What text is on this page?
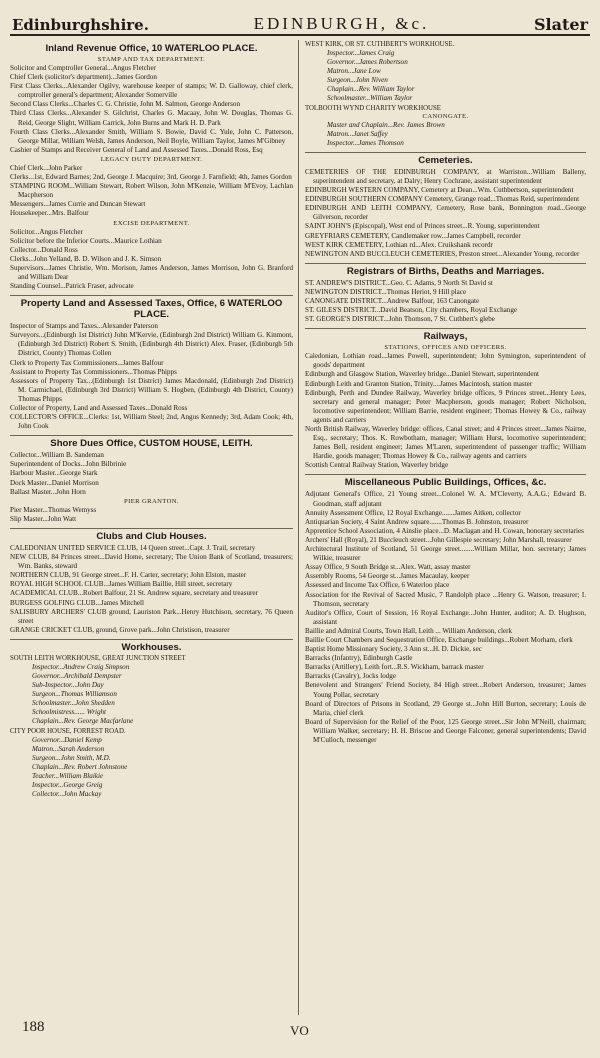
Edinburghshire.	EDINBURGH, &c.	Slater
Inland Revenue Office, 10 WATERLOO PLACE.
STAMP AND TAX DEPARTMENT.
Solicitor and Comptroller General...Angus Fletcher
Chief Clerk (solicitor's department)...James Gordon
First Class Clerks...Alexander Ogilvy, warehouse keeper of stamps; W. D. Galloway, chief clerk, comptroller general's department; Alexander Somerville
Second Class Clerks...Charles C. G. Christie, John M. Salmon, George Anderson
Third Class Clerks...Alexander S. Gilchrist, Charles G. Macaay, John W. Douglas, Thomas G. Reid, George Slight, William Carrick, John Burns and Mark H. D. Park
Fourth Class Clerks...Alexander Smith, William S. Bowie, David C. Yule, John C. Patterson, George Millar, William Welsh, James Anderson, Neil Boyle, William Taylor, James M'Gibney
Cashier of Stamps and Receiver General of Land and Assessed Taxes...Donald Ross, Esq
LEGACY DUTY DEPARTMENT.
Chief Clerk...John Parker
Clerks...1st, Edward Barnes; 2nd, George J. Macquire; 3rd, George J. Farnfield; 4th, James Gordon
STAMPING ROOM...William Stewart, Robert Wilson, John M'Kenzie, William M'Evoy, Lachlan Macpherson
Messengers...James Currie and Duncan Stewart
Housekeeper...Mrs. Balfour
EXCISE DEPARTMENT.
Solicitor...Angus Fletcher
Solicitor before the Inferior Courts...Maurice Lothian
Collector...Donald Ross
Clerks...John Yelland, B. D. Wilson and J. K. Simson
Supervisors...James Christie, Wm. Morison, James Anderson, James Morrison, John G. Branford and William Dear
Standing Counsel...Patrick Fraser, advocate
Property Land and Assessed Taxes, Office, 6 WATERLOO PLACE.
Inspector of Stamps and Taxes...Alexander Paterson
Surveyors...(Edinburgh 1st District) John M'Kervie, (Edinburgh 2nd District) William G. Kinmont, (Edinburgh 3rd District) Robert S. Smith, (Edinburgh 4th District) Alex. Fraser, (Edinburgh 5th District, County) Thomas Collen
Clerk to Property Tax Commissioners...James Balfour
Assistant to Property Tax Commissioners...Thomas Phipps
Assessors of Property Tax...(Edinburgh 1st District) James Macdonald, (Edinburgh 2nd District) M. Carmichael, (Edinburgh 3rd District) William S. Hogben, (Edinburgh 4th District, County) Thomas Phipps
Collector of Property, Land and Assessed Taxes...Donald Ross
COLLECTOR'S OFFICE...Clerks: 1st, William Steel; 2nd, Angus Kennedy; 3rd, Adam Cook; 4th, John Cook
Shore Dues Office, CUSTOM HOUSE, LEITH.
Collector...William B. Sandeman
Superintendent of Docks...John Bilbrinie
Harbour Master...George Stark
Dock Master...Daniel Morrison
Ballast Master...John Horn
PIER GRANTON.
Pier Master...Thomas Wemyss
Slip Master...John Watt
Clubs and Club Houses.
CALEDONIAN UNITED SERVICE CLUB, 14 Queen street...Capt. J. Trail, secretary
NEW CLUB, 84 Princes street...David Home, secretary; The Union Bank of Scotland, treasurers; Wm. Banks, steward
NORTHERN CLUB, 91 George street...F. H. Carter, secretary; John Elston, master
ROYAL HIGH SCHOOL CLUB...James William Baillie, Hill street, secretary
ACADEMICAL CLUB...Robert Balfour, 21 St. Andrew square, secretary and treasurer
BURGESS GOLFING CLUB...James Mitchell
SALISBURY ARCHERS' CLUB ground, Lauriston Park...Henry Hutchison, secretary, 76 Queen street
GRANGE CRICKET CLUB, ground, Grove park...John Christison, treasurer
Workhouses.
SOUTH LEITH WORKHOUSE, GREAT JUNCTION STREET
Inspector...Andrew Craig Simpson
Governor...Archibald Dempster
Sub-Inspector...John Day
Surgeon...Thomas Williamson
Schoolmaster...John Shedden
Schoolmistress...... Wright
Chaplain...Rev. George Macfarlane
CITY POOR HOUSE, FORREST ROAD.
Governor...Daniel Kemp
Matron...Sarah Anderson
Surgeon...John Smith, M.D.
Chaplain...Rev. Robert Johnstone
Teacher...William Blaikie
Inspector...George Greig
Collector...John Mackay
WEST KIRK, OR ST. CUTHBERT'S WORKHOUSE.
Inspector...James Craig
Governor...James Robertson
Matron...Jane Low
Surgeon...John Niven
Chaplain...Rev. William Taylor
Schoolmaster...William Taylor
TOLBOOTH WYND CHARITY WORKHOUSE
CANONGATE.
Master and Chaplain...Rev. James Brown
Matron...Janet Saffey
Inspector...James Thomson
Cemeteries.
CEMETERIES OF THE EDINBURGH COMPANY, at Warriston...William Balleny, superintendent and secretary, at Dalry; Henry Cochrane, assistant superintendent
EDINBURGH WESTERN COMPANY, Cemetery at Dean...Wm. Cuthbertson, superintendent
EDINBURGH SOUTHERN COMPANY Cemetery, Grange road...Thomas Reid, superintendent
EDINBURGH AND LEITH COMPANY, Cemetery, Rose bank, Bonnington road...George Gilverson, recorder
SAINT JOHN'S (Episcopal), West end of Princes street...R. Young, superintendent
GREYFRIARS CEMETERY, Candlemaker row...James Campbell, recorder
WEST KIRK CEMETERY, Lothian rd...Alex. Cruikshank recordr
NEWINGTON AND BUCCLEUCH CEMETERIES, Preston street...Alexander Young, recorder
Registrars of Births, Deaths and Marriages.
ST. ANDREW'S DISTRICT...Geo. C. Adams, 9 North St David st
NEWINGTON DISTRICT...Thomas Heriot, 9 Hill place
CANONGATE DISTRICT...Andrew Balfour, 163 Canongate
ST. GILES'S DISTRICT...David Beatson, City chambers, Royal Exchange
ST. GEORGE'S DISTRICT...John Thomson, 7 St. Cuthbert's glebe
Railways,
STATIONS, OFFICES AND OFFICERS.
Caledonian, Lothian road...James Powell, superintendent; John Symington, superintendent of goods' department
Edinburgh and Glasgow Station, Waverley bridge...Daniel Stewart, superintendent
Edinburgh Leith and Granton Station, Trinity....James Macintosh, station master
Edinburgh, Perth and Dundee Railway, Waverley bridge offices, 9 Princes street...Henry Lees, secretary and general manager; Peter Macpherson, goods manager; Robert Nicholson, locomotive superintendent; William Barrie, resident engineer; Thomas Howey & Co., railway agents and carriers
North British Railway, Waverley bridge: offices, Canal street; and 4 Princes street...James Nairne, Esq., secretary; Thos. K. Rowbotham, manager; William Hurst, locomotive superintendent; James Bell, resident engineer; James M'Laren, superintendent of passenger traffic; William Hardie, goods manager; Thomas Howey & Co., railway agents and carriers
Scottish Central Railway Station, Waverley bridge
Miscellaneous Public Buildings, Offices, &c.
Adjutant General's Office, 21 Young street...Colonel W. A. M'Cleverty, A.A.G.; Edward B. Goodman, staff adjutant
Annuity Assessment Office, 12 Royal Exchange.......James Aitken, collector
Antiquarian Society, 4 Saint Andrew square.......Thomas B. Johnston, treasurer
Apprentice School Association, 4 Ainslie place...D. Maclagan and H. Cowan, honorary secretaries
Archers' Hall (Royal), 21 Buccleuch street...John Gillespie secretary; John Marshall, treasurer
Architectural Institute of Scotland, 51 George street........William Millar, hon. secretary; James Wilkie, treasurer
Assay Office, 9 South Bridge st...Alex. Watt, assay master
Assembly Rooms, 54 George st...James Macaulay, keeper
Assessed and Income Tax Office, 6 Waterloo place
Association for the Revival of Sacred Music, 7 Randolph place ...Henry G. Watson, treasurer; I. Thomson, secretary
Auditor's Office, Court of Session, 16 Royal Exchange...John Hunter, auditor; A. D. Hughson, assistant
Baillie and Admiral Courts, Town Hall, Leith ... William Anderson, clerk
Baillie Court Chambers and Sequestration Office, Exchange buildings...Robert Morham, clerk
Baptist Home Missionary Society, 3 Ann st...H. D. Dickie, sec
Barracks (Infantry), Edinburgh Castle
Barracks (Artillery), Leith fort...R.S. Wickham, barrack master
Barracks (Cavalry), Jocks lodge
Benevolent and Strangers' Friend Society, 84 High street...Robert Anderson, treasurer; James Young Pollar, secretary
Board of Directors of Prisons in Scotland, 29 George st...John Hill Burton, secretary; Louis de Maria, chief clerk
Board of Supervision for the Relief of the Poor, 125 George street...Sir John M'Neill, chairman; William Walker, secretary; H. H. Briscoe and George Falconer, general superintendents; David M'Culloch, messenger
188	VO
